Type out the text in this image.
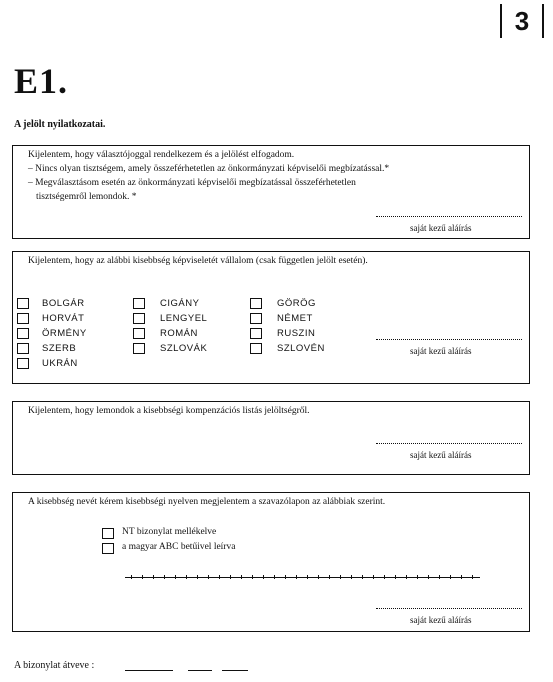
3
E1.
A jelölt nyilatkozatai.
Kijelentem, hogy választójoggal rendelkezem és a jelölést elfogadom.
– Nincs olyan tisztségem, amely összeférhetetlen az önkormányzati képviselői megbízatással.*
– Megválasztásom esetén az önkormányzati képviselői megbízatással összeférhetetlen
tisztségemről lemondok. *
saját kezű aláírás
Kijelentem, hogy az alábbi kisebbség képviseletét vállalom (csak független jelölt esetén).
BOLGÁR
HORVÁT
ÖRMÉNY
SZERB
UKRÁN
CIGÁNY
LENGYEL
ROMÁN
SZLOVÁK
GÖRÖG
NÉMET
RUSZIN
SZLOVÉN	saját kezű aláírás
Kijelentem, hogy lemondok a kisebbségi kompenzációs listás jelöltségről.
saját kezű aláírás
A kisebbség nevét kérem kisebbségi nyelven megjelentem a szavazólapon az alábbiak szerint.
NT bizonylat mellékelve
a magyar ABC betűivel leírva
saját kezű aláírás
A bizonylat átvevе :
